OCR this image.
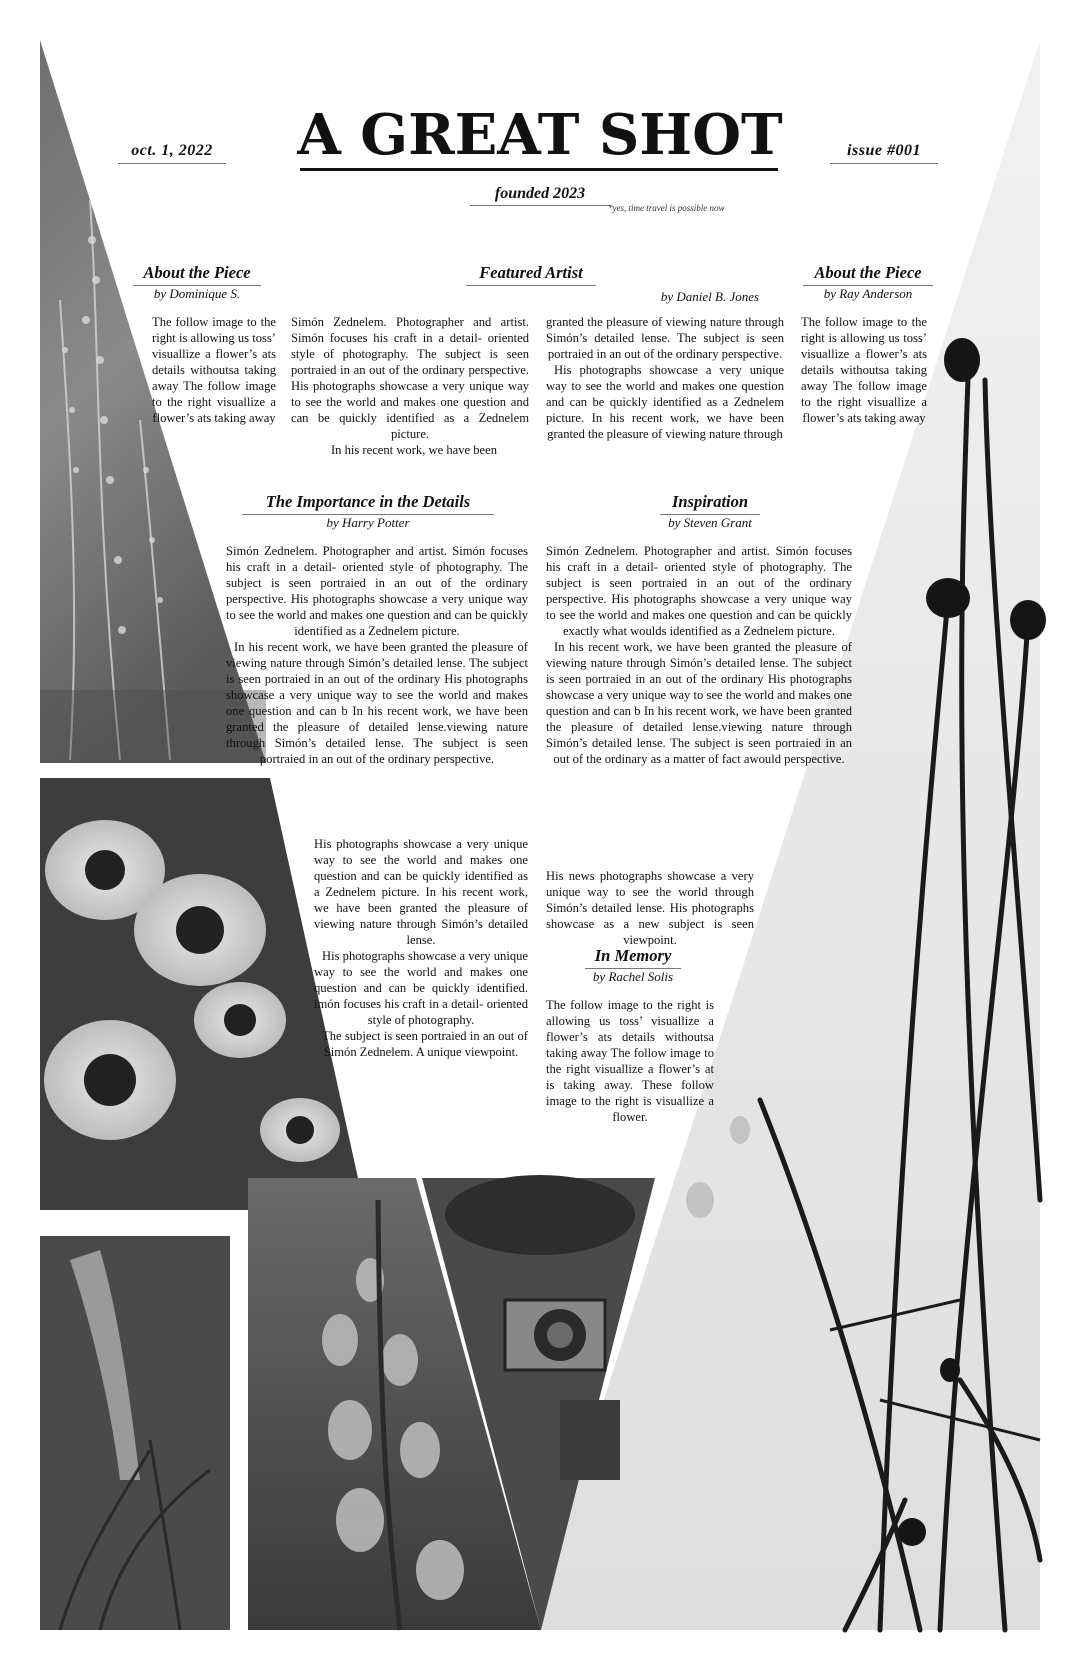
oct. 1, 2022 A GREAT SHOT	issue #001
founded 2023
*yes, time travel is possible now
About the Piece
by Dominique S.

The follow image to the right is allowing us toss’ visuallize a flower’s ats details withoutsa taking away The follow image to the right visuallize a flower’s ats taking away

Featured Artist
by Daniel B. Jones

Simón Zednelem. Photographer and artist. Simón focuses his craft in a detail- oriented style of photography. The subject is seen portraied in an out of the ordinary perspective. His photographs showcase a very unique way to see the world and makes one question and can be quickly identified as a Zednelem picture.

In his recent work, we have been

granted the pleasure of viewing nature through Simón’s detailed lense. The subject is seen portraied in an out of the ordinary perspective.

His photographs showcase a very unique way to see the world and makes one question and can be quickly identified as a Zednelem picture. In his recent work, we have been granted the pleasure of viewing nature through

About the Piece
by Ray Anderson

The follow image to the right is allowing us toss’ visuallize a flower’s ats details withoutsa taking away The follow image to the right visuallize a flower’s ats taking away

The Importance in the Details
by Harry Potter

Simón Zednelem. Photographer and artist. Simón focuses his craft in a detail- oriented style of photography. The subject is seen portraied in an out of the ordinary perspective. His photographs showcase a very unique way to see the world and makes one question and can be quickly identified as a Zednelem picture.

In his recent work, we have been granted the pleasure of viewing nature through Simón’s detailed lense. The subject is seen portraied in an out of the ordinary His photographs showcase a very unique way to see the world and makes one question and can b In his recent work, we have been granted the pleasure of detailed lense.viewing nature through Simón’s detailed lense. The subject is seen portraied in an out of the ordinary perspective.

His photographs showcase a very unique way to see the world and makes one question and can be quickly identified as a Zednelem picture. In his recent work, we have been granted the pleasure of viewing nature through Simón’s detailed lense.

His photographs showcase a very unique way to see the world and makes one question and can be quickly identified. imón focuses his craft in a detail- oriented style of photography.

The subject is seen portraied in an out of Simón Zednelem. A unique viewpoint.

Inspiration
by Steven Grant

Simón Zednelem. Photographer and artist. Simón focuses his craft in a detail- oriented style of photography. The subject is seen portraied in an out of the ordinary perspective. His photographs showcase a very unique way to see the world and makes one question and can be quickly exactly what woulds identified as a Zednelem picture.

In his recent work, we have been granted the pleasure of viewing nature through Simón’s detailed lense. The subject is seen portraied in an out of the ordinary His photographs showcase a very unique way to see the world and makes one question and can b In his recent work, we have been granted the pleasure of detailed lense.viewing nature through Simón’s detailed lense. The subject is seen portraied in an out of the ordinary as a matter of fact awould perspective.

His news photographs showcase a very unique way to see the world through Simón’s detailed lense. His photographs showcase as a new subject is seen viewpoint.

In Memory
by Rachel Solis

The follow image to the right is allowing us toss’ visuallize a flower’s ats details withoutsa taking away The follow image to the right visuallize a flower’s at is taking away. These follow image to the right is visuallize a flower.
